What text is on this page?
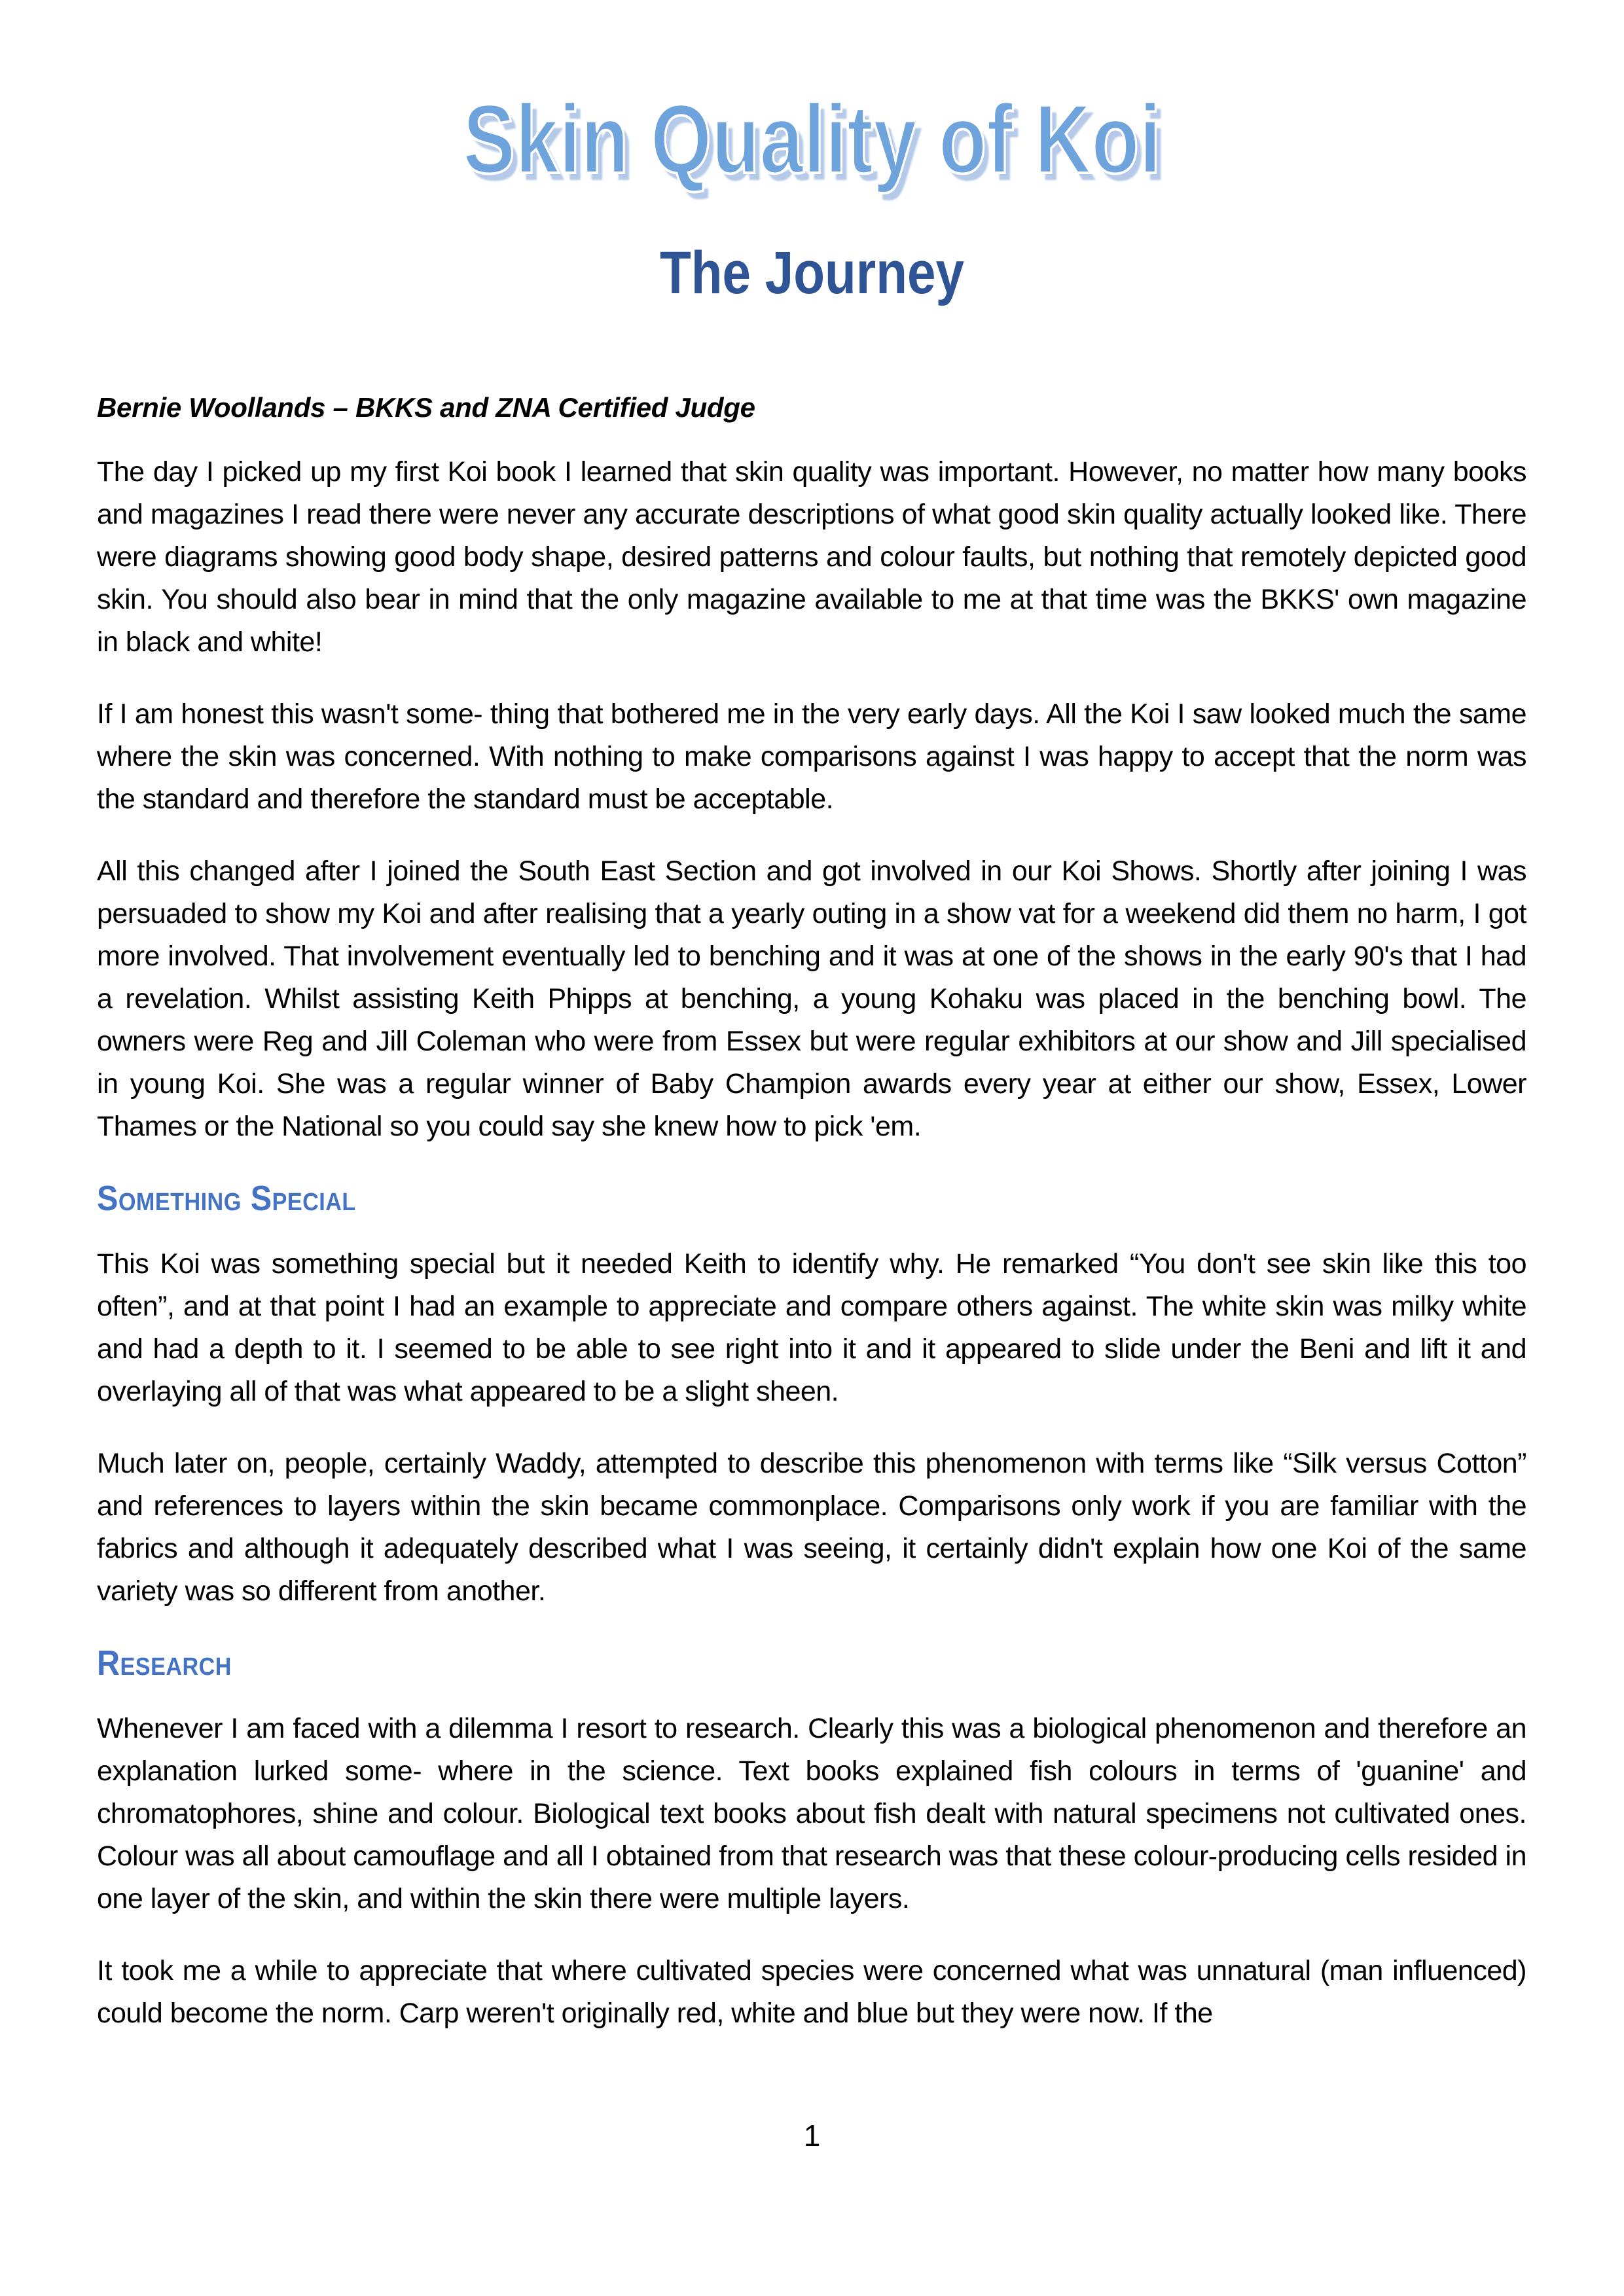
Skin Quality of Koi
The Journey

Bernie Woollands – BKKS and ZNA Certified Judge

The day I picked up my first Koi book I learned that skin quality was important. However, no matter how many books and magazines I read there were never any accurate descriptions of what good skin quality actually looked like. There were diagrams showing good body shape, desired patterns and colour faults, but nothing that remotely depicted good skin. You should also bear in mind that the only magazine available to me at that time was the BKKS' own magazine in black and white!

If I am honest this wasn't some- thing that bothered me in the very early days. All the Koi I saw looked much the same where the skin was concerned. With nothing to make comparisons against I was happy to accept that the norm was the standard and therefore the standard must be acceptable.

All this changed after I joined the South East Section and got involved in our Koi Shows. Shortly after joining I was persuaded to show my Koi and after realising that a yearly outing in a show vat for a weekend did them no harm, I got more involved. That involvement eventually led to benching and it was at one of the shows in the early 90's that I had a revelation. Whilst assisting Keith Phipps at benching, a young Kohaku was placed in the benching bowl. The owners were Reg and Jill Coleman who were from Essex but were regular exhibitors at our show and Jill specialised in young Koi. She was a regular winner of Baby Champion awards every year at either our show, Essex, Lower Thames or the National so you could say she knew how to pick 'em.

Something Special

This Koi was something special but it needed Keith to identify why. He remarked “You don't see skin like this too often”, and at that point I had an example to appreciate and compare others against. The white skin was milky white and had a depth to it. I seemed to be able to see right into it and it appeared to slide under the Beni and lift it and overlaying all of that was what appeared to be a slight sheen.

Much later on, people, certainly Waddy, attempted to describe this phenomenon with terms like “Silk versus Cotton” and references to layers within the skin became commonplace. Comparisons only work if you are familiar with the fabrics and although it adequately described what I was seeing, it certainly didn't explain how one Koi of the same variety was so different from another.

Research

Whenever I am faced with a dilemma I resort to research. Clearly this was a biological phenomenon and therefore an explanation lurked some- where in the science. Text books explained fish colours in terms of 'guanine' and chromatophores, shine and colour. Biological text books about fish dealt with natural specimens not cultivated ones. Colour was all about camouflage and all I obtained from that research was that these colour-producing cells resided in one layer of the skin, and within the skin there were multiple layers.

It took me a while to appreciate that where cultivated species were concerned what was unnatural (man influenced) could become the norm. Carp weren't originally red, white and blue but they were now. If the

1
